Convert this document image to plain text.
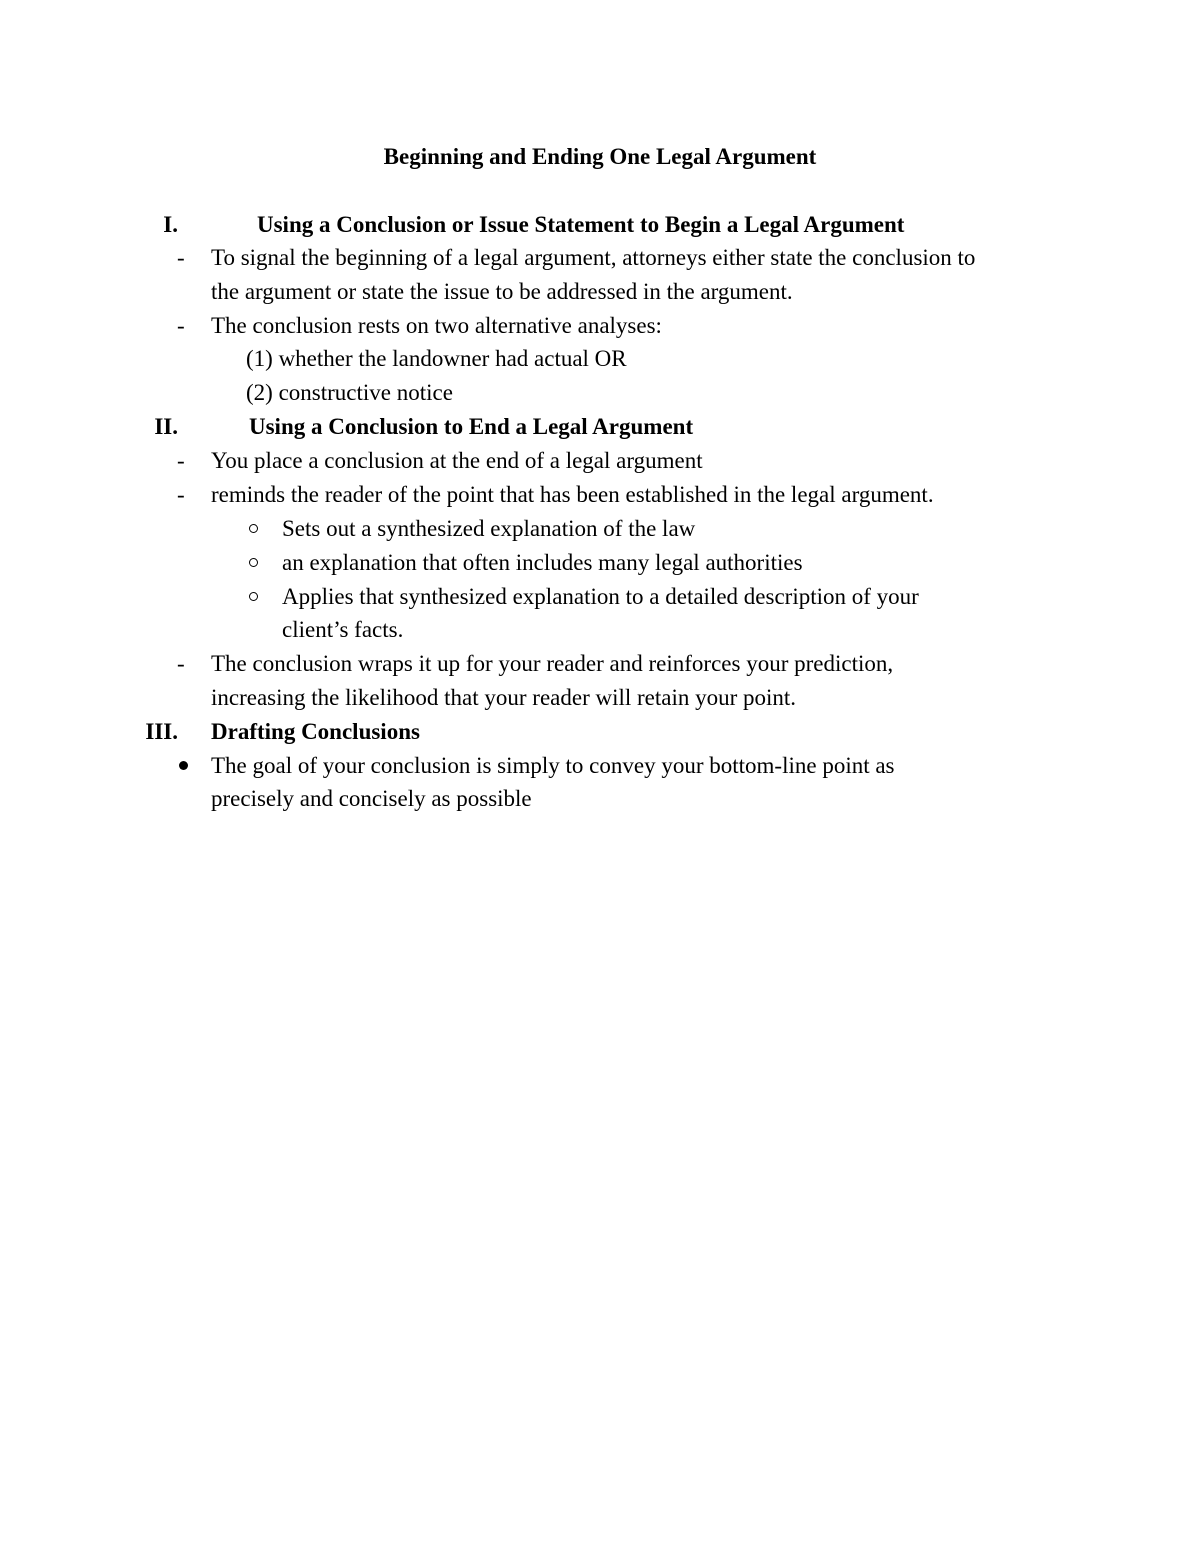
Beginning and Ending One Legal Argument
I.	Using a Conclusion or Issue Statement to Begin a Legal Argument
- To signal the beginning of a legal argument, attorneys either state the conclusion to
the argument or state the issue to be addressed in the argument.
- The conclusion rests on two alternative analyses:
(1) whether the landowner had actual OR
(2) constructive notice
II.	Using a Conclusion to End a Legal Argument
- You place a conclusion at the end of a legal argument
- reminds the reader of the point that has been established in the legal argument.
Sets out a synthesized explanation of the law
an explanation that often includes many legal authorities
Applies that synthesized explanation to a detailed description of your
client’s facts.
- The conclusion wraps it up for your reader and reinforces your prediction,
increasing the likelihood that your reader will retain your point.
III. Drafting Conclusions
The goal of your conclusion is simply to convey your bottom-line point as
precisely and concisely as possible
